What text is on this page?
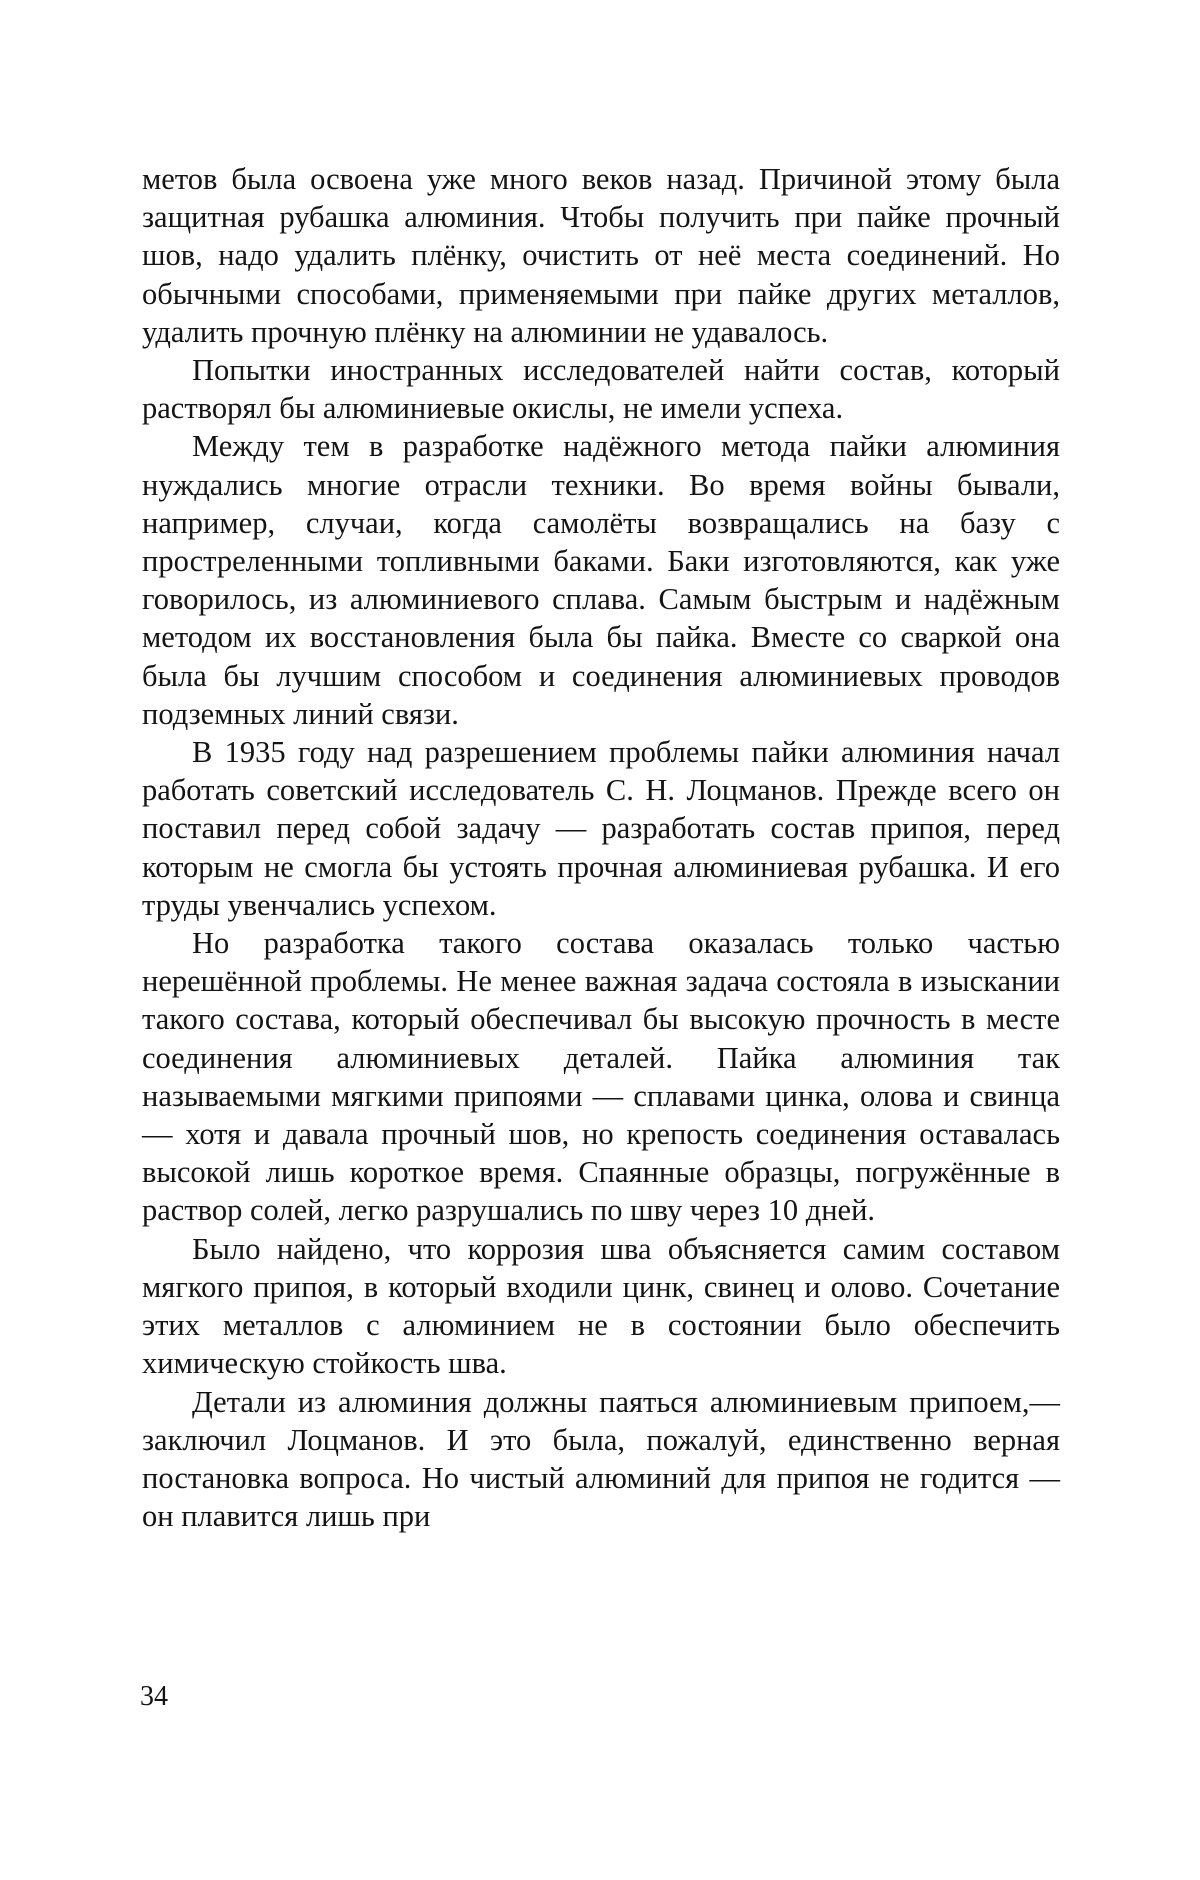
метов была освоена уже много веков назад. Причиной этому была защитная рубашка алюминия. Чтобы получить при пайке прочный шов, надо удалить плёнку, очистить от неё места соединений. Но обычными способами, применяемыми при пайке других металлов, удалить прочную плёнку на алюминии не удавалось.

Попытки иностранных исследователей найти состав, который растворял бы алюминиевые окислы, не имели успеха.

Между тем в разработке надёжного метода пайки алюминия нуждались многие отрасли техники. Во время войны бывали, например, случаи, когда самолёты возвращались на базу с простреленными топливными баками. Баки изготовляются, как уже говорилось, из алюминиевого сплава. Самым быстрым и надёжным методом их восстановления была бы пайка. Вместе со сваркой она была бы лучшим способом и соединения алюминиевых проводов подземных линий связи.

В 1935 году над разрешением проблемы пайки алюминия начал работать советский исследователь С. Н. Лоцманов. Прежде всего он поставил перед собой задачу — разработать состав припоя, перед которым не смогла бы устоять прочная алюминиевая рубашка. И его труды увенчались успехом.

Но разработка такого состава оказалась только частью нерешённой проблемы. Не менее важная задача состояла в изыскании такого состава, который обеспечивал бы высокую прочность в месте соединения алюминиевых деталей. Пайка алюминия так называемыми мягкими припоями — сплавами цинка, олова и свинца — хотя и давала прочный шов, но крепость соединения оставалась высокой лишь короткое время. Спаянные образцы, погружённые в раствор солей, легко разрушались по шву через 10 дней.

Было найдено, что коррозия шва объясняется самим составом мягкого припоя, в который входили цинк, свинец и олово. Сочетание этих металлов с алюминием не в состоянии было обеспечить химическую стойкость шва.

Детали из алюминия должны паяться алюминиевым припоем,— заключил Лоцманов. И это была, пожалуй, единственно верная постановка вопроса. Но чистый алюминий для припоя не годится — он плавится лишь при

34
